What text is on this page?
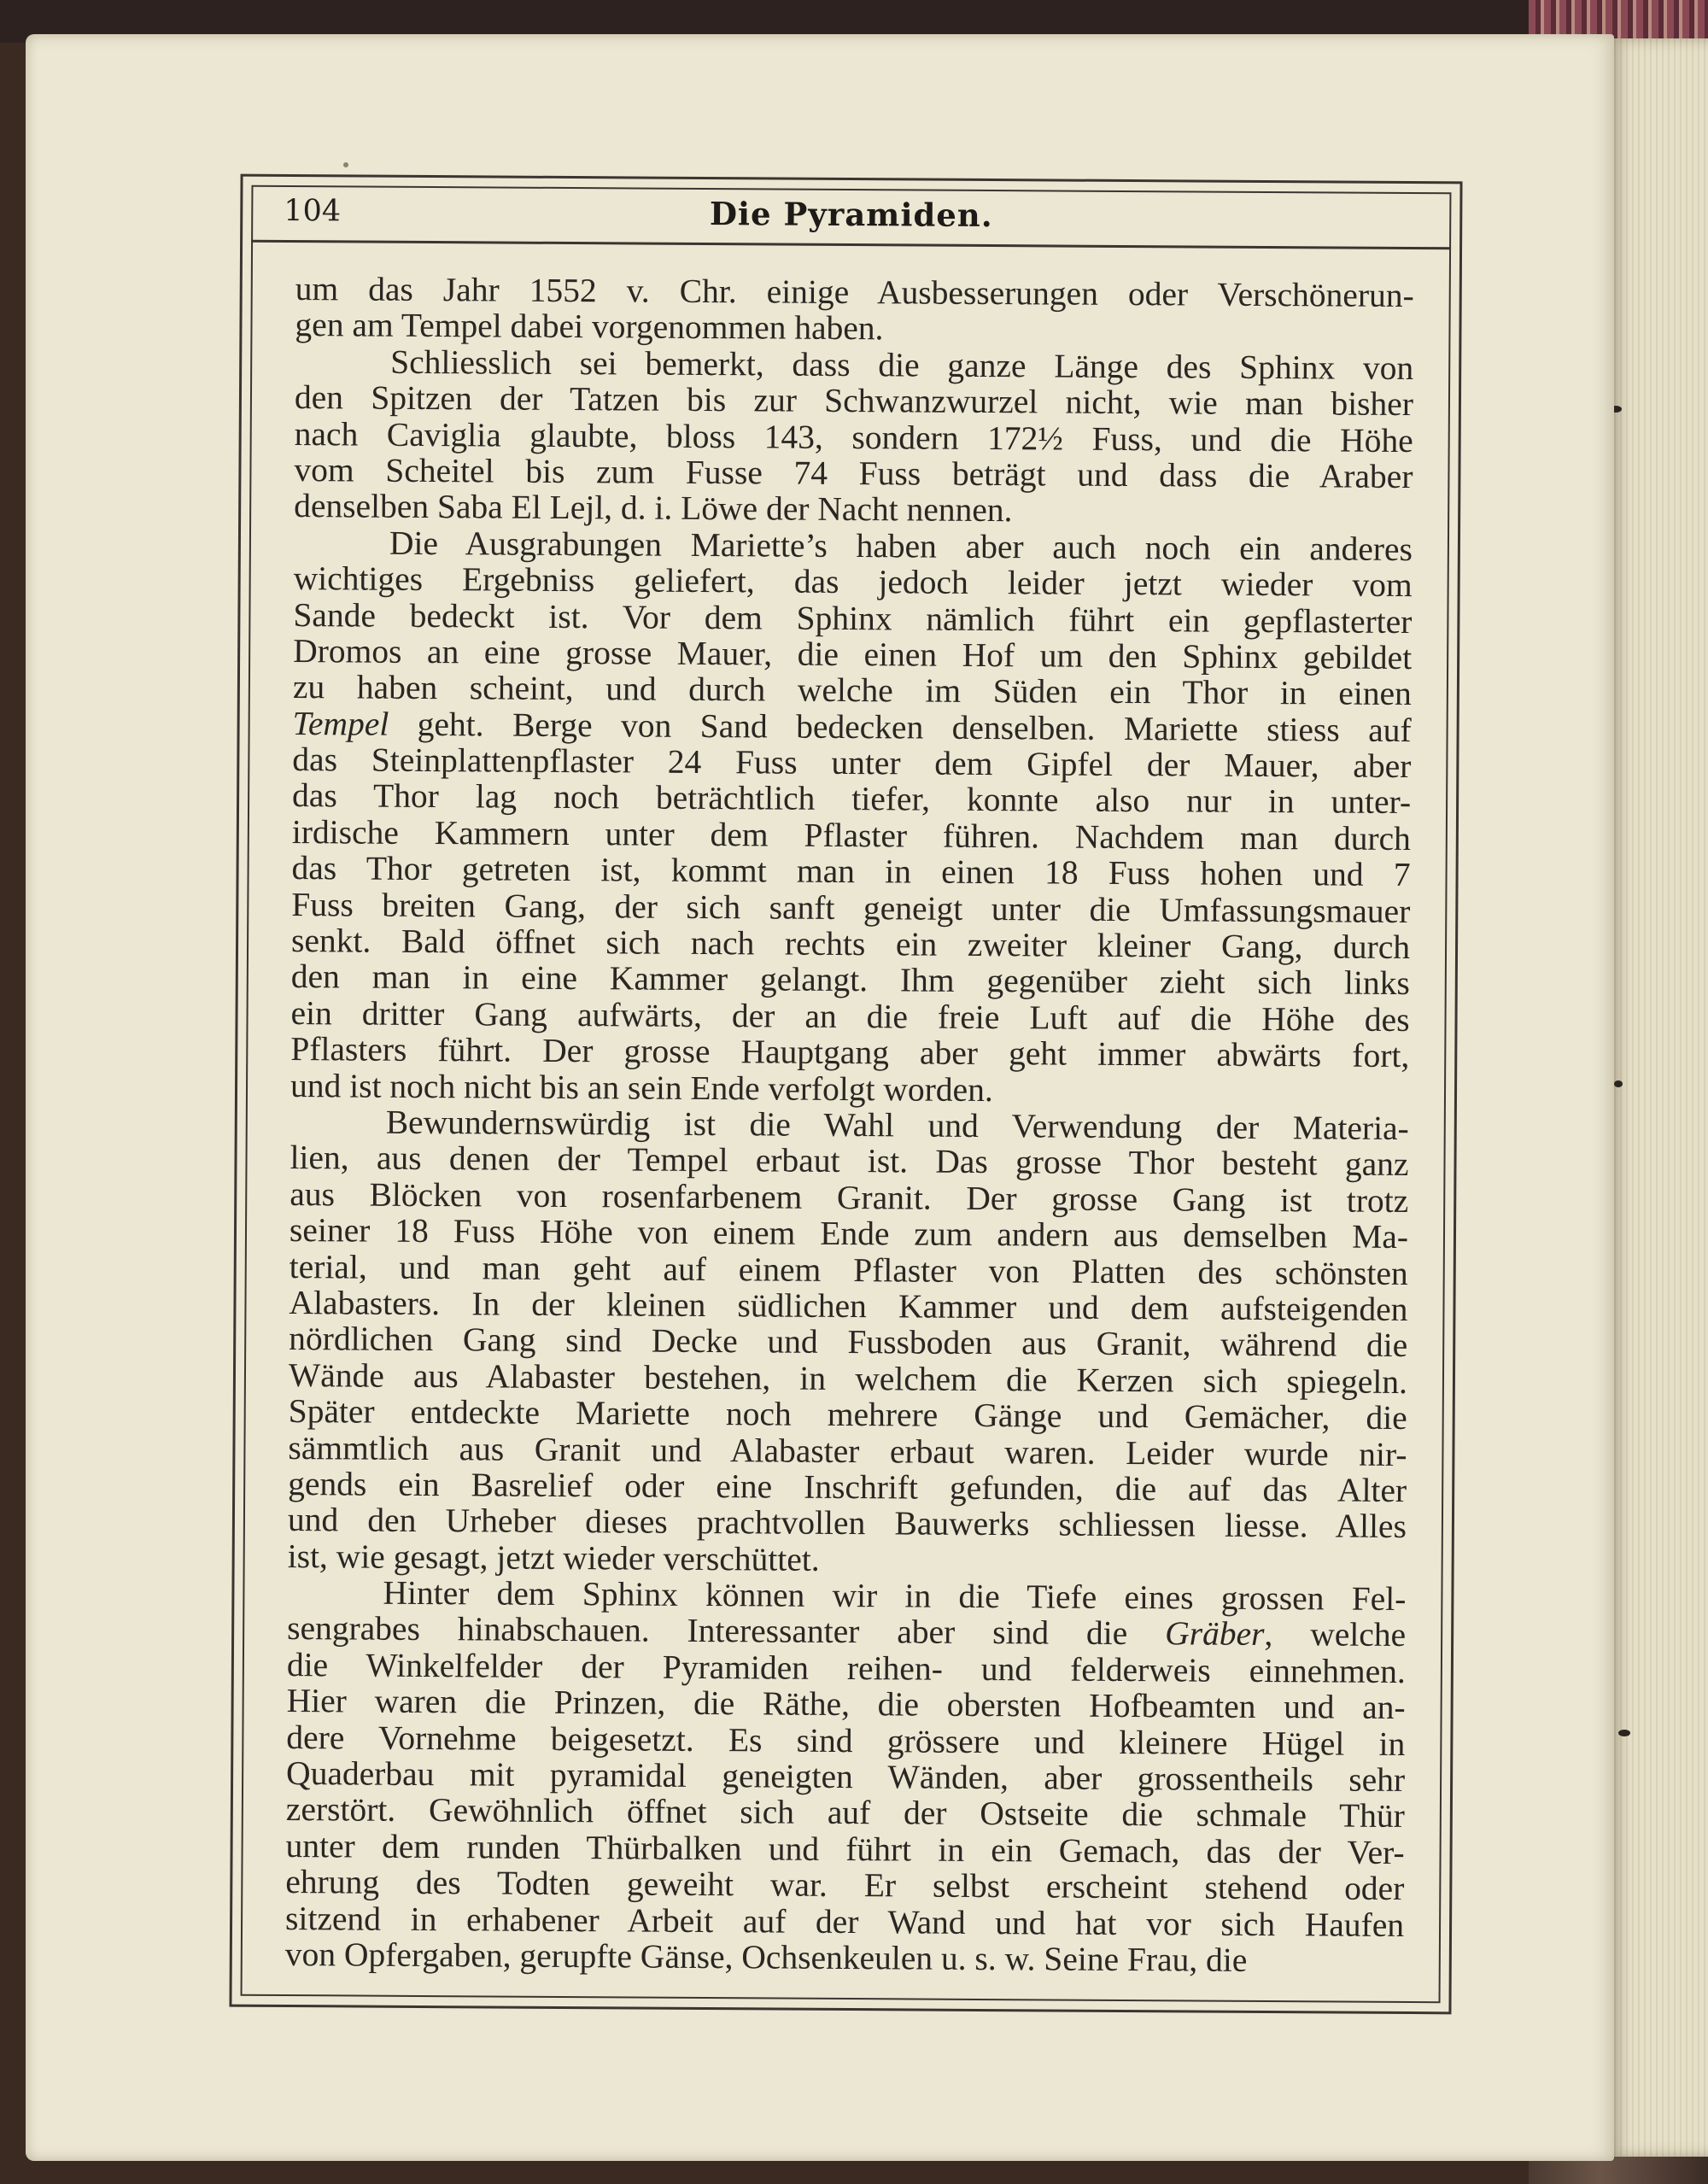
104	Die Pyramiden.
um das Jahr 1552 v. Chr. einige Ausbesserungen oder Verschönerun-
gen am Tempel dabei vorgenommen haben.
Schliesslich sei bemerkt, dass die ganze Länge des Sphinx von
den Spitzen der Tatzen bis zur Schwanzwurzel nicht, wie man bisher
nach Caviglia glaubte, bloss 143, sondern 172½ Fuss, und die Höhe
vom Scheitel bis zum Fusse 74 Fuss beträgt und dass die Araber
denselben Saba El Lejl, d. i. Löwe der Nacht nennen.
Die Ausgrabungen Mariette’s haben aber auch noch ein anderes
wichtiges Ergebniss geliefert, das jedoch leider jetzt wieder vom
Sande bedeckt ist. Vor dem Sphinx nämlich führt ein gepflasterter
Dromos an eine grosse Mauer, die einen Hof um den Sphinx gebildet
zu haben scheint, und durch welche im Süden ein Thor in einen
Tempel geht. Berge von Sand bedecken denselben. Mariette stiess auf
das Steinplattenpflaster 24 Fuss unter dem Gipfel der Mauer, aber
das Thor lag noch beträchtlich tiefer, konnte also nur in unter-
irdische Kammern unter dem Pflaster führen. Nachdem man durch
das Thor getreten ist, kommt man in einen 18 Fuss hohen und 7
Fuss breiten Gang, der sich sanft geneigt unter die Umfassungsmauer
senkt. Bald öffnet sich nach rechts ein zweiter kleiner Gang, durch
den man in eine Kammer gelangt. Ihm gegenüber zieht sich links
ein dritter Gang aufwärts, der an die freie Luft auf die Höhe des
Pflasters führt. Der grosse Hauptgang aber geht immer abwärts fort,
und ist noch nicht bis an sein Ende verfolgt worden.
Bewundernswürdig ist die Wahl und Verwendung der Materia-
lien, aus denen der Tempel erbaut ist. Das grosse Thor besteht ganz
aus Blöcken von rosenfarbenem Granit. Der grosse Gang ist trotz
seiner 18 Fuss Höhe von einem Ende zum andern aus demselben Ma-
terial, und man geht auf einem Pflaster von Platten des schönsten
Alabasters. In der kleinen südlichen Kammer und dem aufsteigenden
nördlichen Gang sind Decke und Fussboden aus Granit, während die
Wände aus Alabaster bestehen, in welchem die Kerzen sich spiegeln.
Später entdeckte Mariette noch mehrere Gänge und Gemächer, die
sämmtlich aus Granit und Alabaster erbaut waren. Leider wurde nir-
gends ein Basrelief oder eine Inschrift gefunden, die auf das Alter
und den Urheber dieses prachtvollen Bauwerks schliessen liesse. Alles
ist, wie gesagt, jetzt wieder verschüttet.
Hinter dem Sphinx können wir in die Tiefe eines grossen Fel-
sengrabes hinabschauen. Interessanter aber sind die Gräber, welche
die Winkelfelder der Pyramiden reihen- und felderweis einnehmen.
Hier waren die Prinzen, die Räthe, die obersten Hofbeamten und an-
dere Vornehme beigesetzt. Es sind grössere und kleinere Hügel in
Quaderbau mit pyramidal geneigten Wänden, aber grossentheils sehr
zerstört. Gewöhnlich öffnet sich auf der Ostseite die schmale Thür
unter dem runden Thürbalken und führt in ein Gemach, das der Ver-
ehrung des Todten geweiht war. Er selbst erscheint stehend oder
sitzend in erhabener Arbeit auf der Wand und hat vor sich Haufen
von Opfergaben, gerupfte Gänse, Ochsenkeulen u. s. w. Seine Frau, die
